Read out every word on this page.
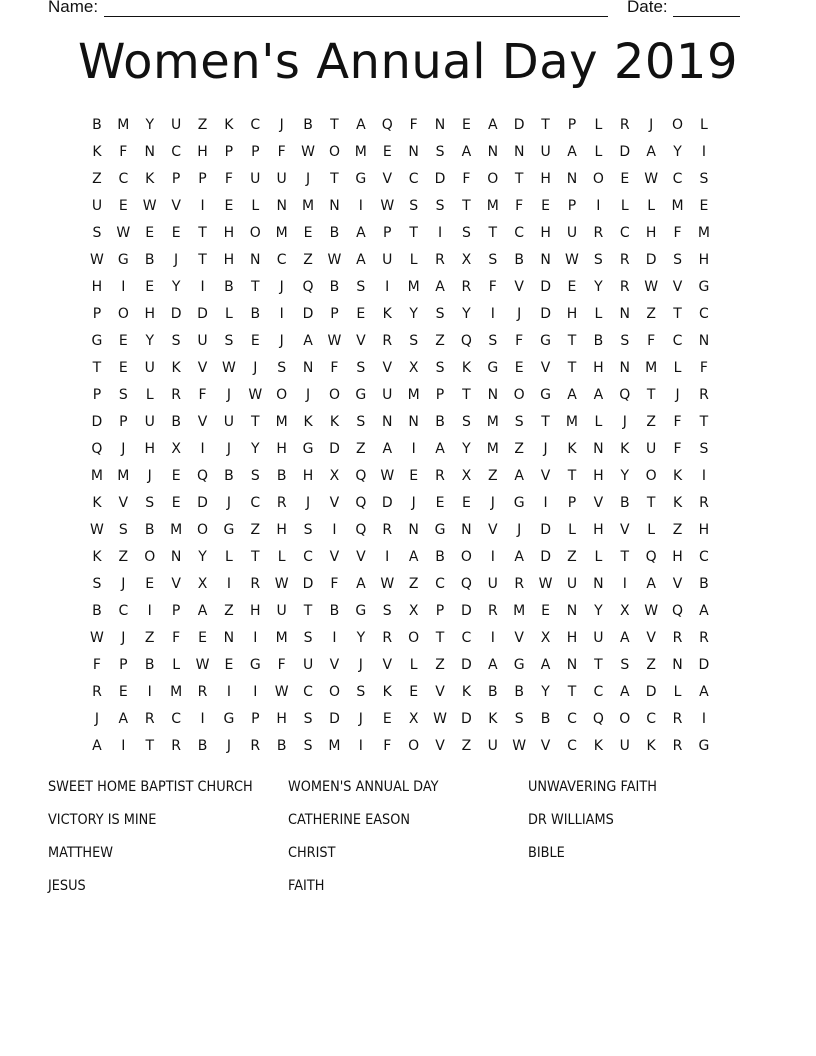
Name:	Date:
Women's Annual Day 2019
B	M	Y	U	Z	K	C	J	B	T	A	Q	F	N	E	A	D	T	P	L	R	J	O	L
K	F	N	C	H	P	P	F	W O	M	E	N	S	A	N	N	U	A	L	D	A	Y	I
Z	C	K	P	P	F	U	U	J	T	G	V	C	D	F	O	T	H	N	O	E	W	C	S
U	E	W	V	I	E	L	N	M	N	I	W	S	S	T	M	F	E	P	I	L	L	M	E
S	W	E	E	T	H	O	M	E	B	A	P	T	I	S	T	C	H	U	R	C	H	F	M
W G	B	J	T	H	N	C	Z	W	A	U	L	R	X	S	B	N W	S	R	D	S	H
H	I	E	Y	I	B	T	J	Q	B	S	I	M	A	R	F	V	D	E	Y	R	W	V	G
P	O	H	D	D	L	B	I	D	P	E	K	Y	S	Y	I	J	D	H	L	N	Z	T	C
G	E	Y	S	U	S	E	J	A	W	V	R	S	Z	Q	S	F	G	T	B	S	F	C	N
T	E	U	K	V	W	J	S	N	F	S	V	X	S	K	G	E	V	T	H	N	M	L	F
P	S	L	R	F	J	W O	J	O	G	U	M	P	T	N	O	G	A	A	Q	T	J	R
D	P	U	B	V	U	T	M	K	K	S	N	N	B	S	M	S	T	M	L	J	Z	F	T
Q	J	H	X	I	J	Y	H	G	D	Z	A	I	A	Y	M	Z	J	K	N	K	U	F	S
M M	J	E	Q	B	S	B	H	X	Q W	E	R	X	Z	A	V	T	H	Y	O	K	I
K	V	S	E	D	J	C	R	J	V	Q	D	J	E	E	J	G	I	P	V	B	T	K	R
W	S	B	M	O	G	Z	H	S	I	Q	R	N	G	N	V	J	D	L	H	V	L	Z	H
K	Z	O	N	Y	L	T	L	C	V	V	I	A	B	O	I	A	D	Z	L	T	Q	H	C
S	J	E	V	X	I	R	W D	F	A	W	Z	C	Q	U	R	W U	N	I	A	V	B
B	C	I	P	A	Z	H	U	T	B	G	S	X	P	D	R	M	E	N	Y	X	W Q	A
W	J	Z	F	E	N	I	M	S	I	Y	R	O	T	C	I	V	X	H	U	A	V	R	R
F	P	B	L	W	E	G	F	U	V	J	V	L	Z	D	A	G	A	N	T	S	Z	N	D
R	E	I	M	R	I	I	W	C	O	S	K	E	V	K	B	B	Y	T	C	A	D	L	A
J	A	R	C	I	G	P	H	S	D	J	E	X	W D	K	S	B	C	Q	O	C	R	I
A	I	T	R	B	J	R	B	S	M	I	F	O	V	Z	U W	V	C	K	U	K	R	G
SWEET HOME BAPTIST CHURCH	WOMEN'S ANNUAL DAY	UNWAVERING FAITH
VICTORY IS MINE	CATHERINE EASON	DR WILLIAMS
MATTHEW	CHRIST	BIBLE
JESUS	FAITH
